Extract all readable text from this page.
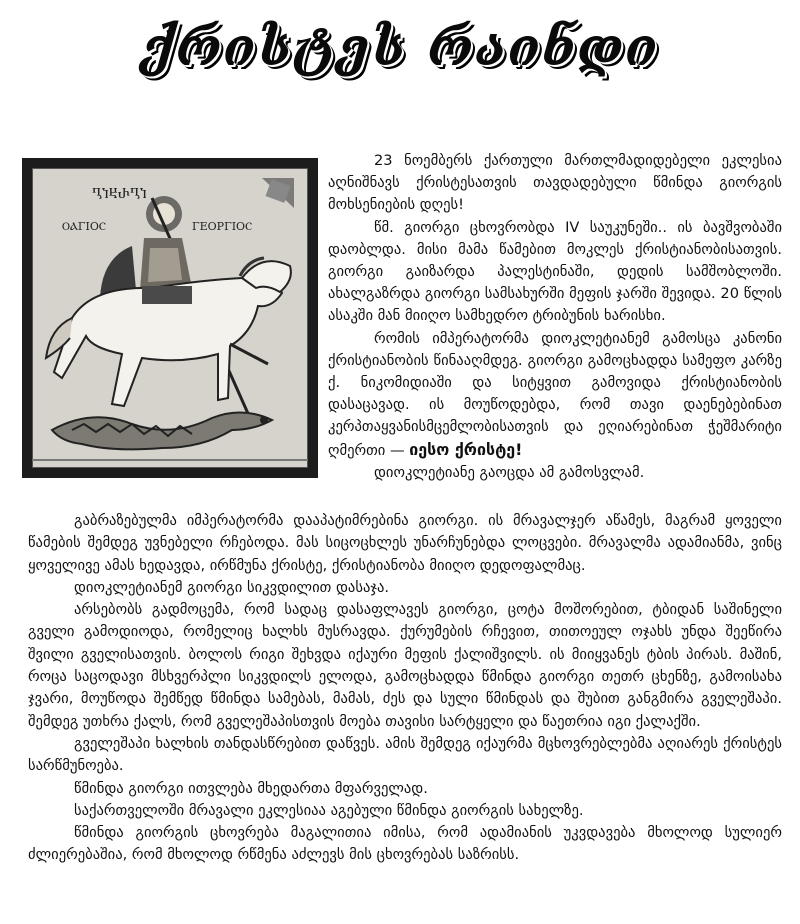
ქრისტეს რაინდი
ႢႨႾႰႢႨ
ⲞⲀΓΙΟⲤ	ΓΕΟΡΓΙΟⲤ

23 ნოემბერს ქართული მართლმადიდებელი ეკლესია აღნიშნავს ქრისტესათვის თავდადებული წმინდა გიორგის მოხსენიების დღეს!

წმ. გიორგი ცხოვრობდა IV საუკუნეში.. ის ბავშვობაში დაობლდა. მისი მამა წამებით მოკლეს ქრისტიანობისათვის. გიორგი გაიზარდა პალესტინაში, დედის სამშობლოში. ახალგაზრდა გიორგი სამსახურში მეფის ჯარში შევიდა. 20 წლის ასაკში მან მიიღო სამხედრო ტრიბუნის ხარისხი.

რომის იმპერატორმა დიოკლეტიანემ გამოსცა კანონი ქრისტიანობის წინააღმდეგ. გიორგი გამოცხადდა სამეფო კარზე ქ. ნიკომიდიაში და სიტყვით გამოვიდა ქრისტიანობის დასაცავად. ის მოუწოდებდა, რომ თავი დაენებებინათ კერპთაყვანისმცემლობისათვის და ეღიარებინათ ჭეშმარიტი ღმერთი — იესო ქრისტე!

დიოკლეტიანე გაოცდა ამ გამოსვლამ.

გაბრაზებულმა იმპერატორმა დააპატიმრებინა გიორგი. ის მრავალჯერ აწამეს, მაგრამ ყოველი წამების შემდეგ უვნებელი რჩებოდა. მას სიცოცხლეს უნარჩუნებდა ლოცვები. მრავალმა ადამიანმა, ვინც ყოველივე ამას ხედავდა, ირწმუნა ქრისტე, ქრისტიანობა მიიღო დედოფალმაც.

დიოკლეტიანემ გიორგი სიკვდილით დასაჯა.

არსებობს გადმოცემა, რომ სადაც დასაფლავეს გიორგი, ცოტა მოშორებით, ტბიდან საშინელი გველი გამოდიოდა, რომელიც ხალხს მუსრავდა. ქურუმების რჩევით, თითოეულ ოჯახს უნდა შეეწირა შვილი გველისათვის. ბოლოს რიგი შეხვდა იქაური მეფის ქალიშვილს. ის მიიყვანეს ტბის პირას. მაშინ, როცა საცოდავი მსხვერპლი სიკვდილს ელოდა, გამოცხადდა წმინდა გიორგი თეთრ ცხენზე, გამოისახა ჯვარი, მოუწოდა შემწედ წმინდა სამებას, მამას, ძეს და სული წმინდას და შუბით განგმირა გველეშაპი. შემდეგ უთხრა ქალს, რომ გველეშაპისთვის მოება თავისი სარტყელი და წაეთრია იგი ქალაქში.

გველეშაპი ხალხის თანდასწრებით დაწვეს. ამის შემდეგ იქაურმა მცხოვრებლებმა აღიარეს ქრისტეს სარწმუნოება.

წმინდა გიორგი ითვლება მხედართა მფარველად.

საქართველოში მრავალი ეკლესიაა აგებული წმინდა გიორგის სახელზე.

წმინდა გიორგის ცხოვრება მაგალითია იმისა, რომ ადამიანის უკვდავება მხოლოდ სულიერ ძლიერებაშია, რომ მხოლოდ რწმენა აძლევს მის ცხოვრებას საზრისს.
